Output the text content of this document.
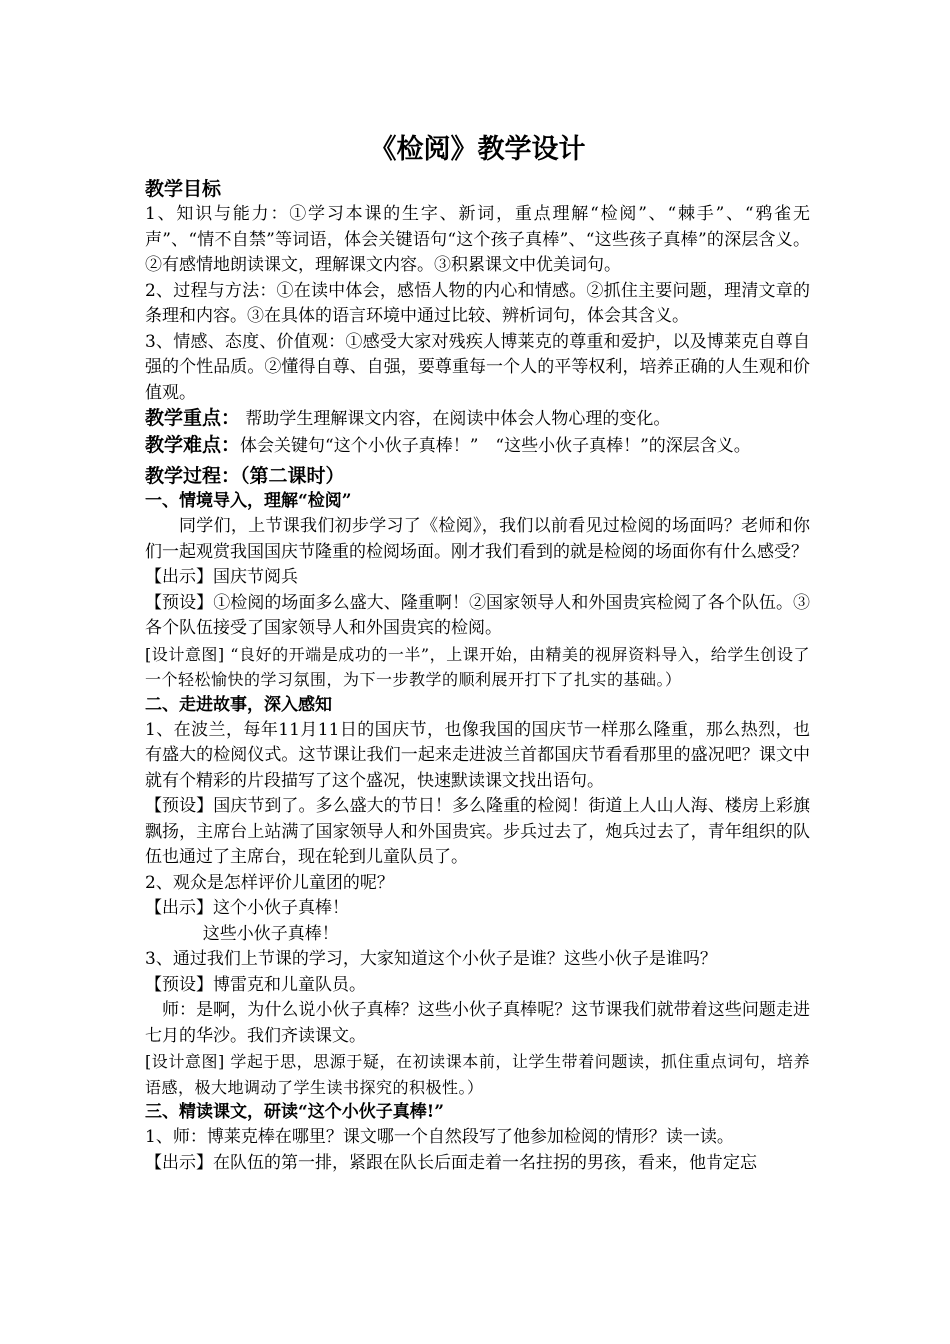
《检阅》教学设计
教学目标

1、知识与能力：①学习本课的生字、新词，重点理解“检阅”、“棘手”、“鸦雀无声”、“情不自禁”等词语，体会关键语句“这个孩子真棒”、“这些孩子真棒”的深层含义。②有感情地朗读课文，理解课文内容。③积累课文中优美词句。

2、过程与方法：①在读中体会，感悟人物的内心和情感。②抓住主要问题，理清文章的条理和内容。③在具体的语言环境中通过比较、辨析词句，体会其含义。

3、情感、态度、价值观：①感受大家对残疾人博莱克的尊重和爱护，以及博莱克自尊自强的个性品质。②懂得自尊、自强，要尊重每一个人的平等权利，培养正确的人生观和价值观。

教学重点： 帮助学生理解课文内容，在阅读中体会人物心理的变化。

教学难点：体会关键句“这个小伙子真棒！”　“这些小伙子真棒！”的深层含义。

教学过程：（第二课时）
一、情境导入，理解“检阅”

同学们，上节课我们初步学习了《检阅》，我们以前看见过检阅的场面吗？老师和你们一起观赏我国国庆节隆重的检阅场面。刚才我们看到的就是检阅的场面你有什么感受？

【出示】国庆节阅兵

【预设】①检阅的场面多么盛大、隆重啊！②国家领导人和外国贵宾检阅了各个队伍。③各个队伍接受了国家领导人和外国贵宾的检阅。

[设计意图] “良好的开端是成功的一半”，上课开始，由精美的视屏资料导入，给学生创设了一个轻松愉快的学习氛围，为下一步教学的顺利展开打下了扎实的基础。）

二、走进故事，深入感知

1、在波兰，每年11月11日的国庆节，也像我国的国庆节一样那么隆重，那么热烈，也有盛大的检阅仪式。这节课让我们一起来走进波兰首都国庆节看看那里的盛况吧？课文中就有个精彩的片段描写了这个盛况，快速默读课文找出语句。

【预设】国庆节到了。多么盛大的节日！多么隆重的检阅！街道上人山人海、楼房上彩旗飘扬，主席台上站满了国家领导人和外国贵宾。步兵过去了，炮兵过去了，青年组织的队伍也通过了主席台，现在轮到儿童队员了。

2、观众是怎样评价儿童团的呢？

【出示】这个小伙子真棒！

这些小伙子真棒！

3、通过我们上节课的学习，大家知道这个小伙子是谁？这些小伙子是谁吗？

【预设】博雷克和儿童队员。

师：是啊，为什么说小伙子真棒？这些小伙子真棒呢？这节课我们就带着这些问题走进七月的华沙。我们齐读课文。

[设计意图] 学起于思，思源于疑，在初读课本前，让学生带着问题读，抓住重点词句，培养语感，极大地调动了学生读书探究的积极性。）

三、精读课文，研读“这个小伙子真棒!”

1、师：博莱克棒在哪里？课文哪一个自然段写了他参加检阅的情形？读一读。

【出示】在队伍的第一排，紧跟在队长后面走着一名拄拐的男孩，看来，他肯定忘
